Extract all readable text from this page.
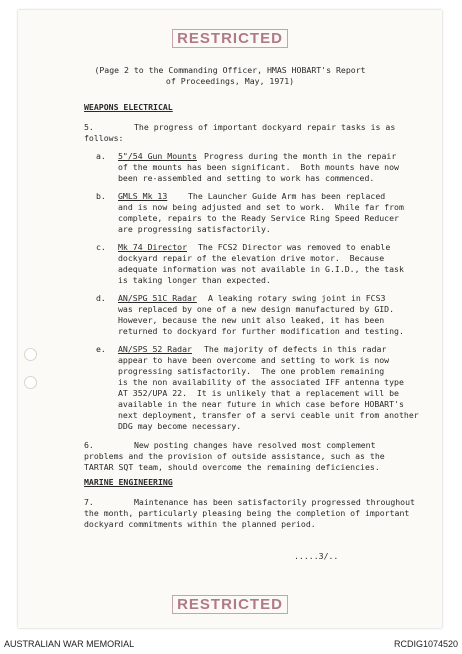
RESTRICTED
(Page 2 to the Commanding Officer, HMAS HOBART's Report
of Proceedings, May, 1971)
WEAPONS ELECTRICAL
5.	The progress of important dockyard repair tasks is as
follows:
a. 5"/54 Gun Mounts Progress during the month in the repair
of the mounts has been significant.  Both mounts have now
been re-assembled and setting to work has commenced.
b. GMLS Mk 13	The Launcher Guide Arm has been replaced
and is now being adjusted and set to work.  While far from
complete, repairs to the Ready Service Ring Speed Reducer
are progressing satisfactorily.
c. Mk 74 Director The FCS2 Director was removed to enable
dockyard repair of the elevation drive motor.  Because
adequate information was not available in G.I.D., the task
is taking longer than expected.
d. AN/SPG 51C Radar A leaking rotary swing joint in FCS3
was replaced by one of a new design manufactured by GID.
However, because the new unit also leaked, it has been
returned to dockyard for further modification and testing.
e. AN/SPS 52 Radar The majority of defects in this radar
appear to have been overcome and setting to work is now
progressing satisfactorily.  The one problem remaining
is the non availability of the associated IFF antenna type
AT 352/UPA 22.  It is unlikely that a replacement will be
available in the near future in which case before HOBART's
next deployment, transfer of a servi ceable unit from another
DDG may become necessary.
6.	New posting changes have resolved most complement
problems and the provision of outside assistance, such as the
TARTAR SQT team, should overcome the remaining deficiencies.
MARINE ENGINEERING
7.	Maintenance has been satisfactorily progressed throughout
the month, particularly pleasing being the completion of important
dockyard commitments within the planned period.
.....3/..
RESTRICTED
AUSTRALIAN WAR MEMORIAL	RCDIG1074520
